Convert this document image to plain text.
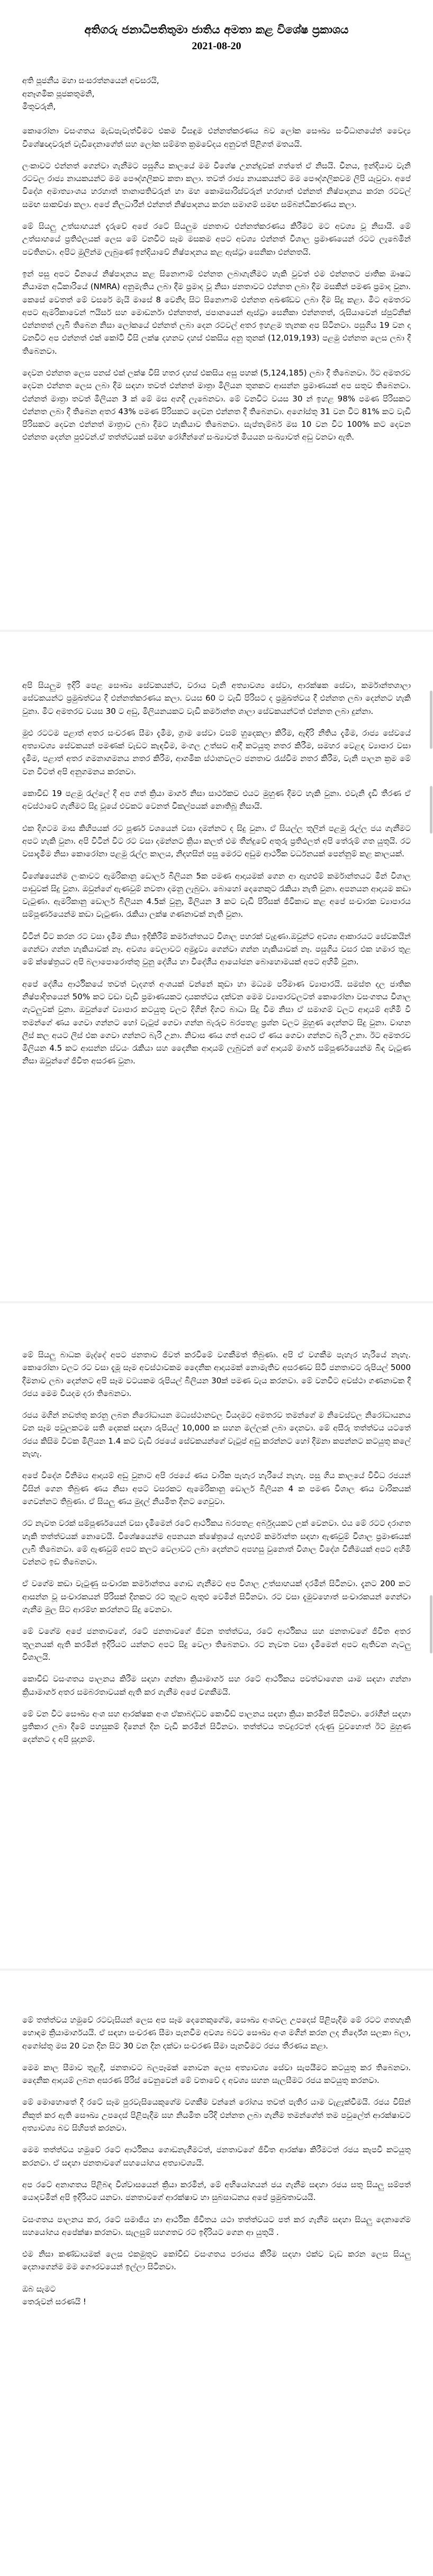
අතිගරු ජනාධිපතිතුමා ජාතිය අමතා කළ විශේෂ ප්‍රකාශය
2021-08-20

අති පූජනීය මහා සංසරත්නයෙන් අවසරයි,

අනෑගමික පූජකතුමනි,

මිතුවරුනි,

කොරෝනා වසංගතය මැඩපැවැත්වීමට එකම විසඳුම එන්නත්කරණය බව ලෝක සෞඛ්‍ය සංවිධානයේත් වෛද්‍ය විශේෂඥවරුන් වැඩිදෙනාගේත් සහ ලෝක සම්මත ක්‍රමවේදය අනුවත් පිළිගත් මතයයි.

ලංකාවට එන්නත් ගෙන්වා ගැනීමට පසුගිය කාලයේ මම විශේෂ උනන්දුවක් ගත්තේ ඒ නිසයි. චීනය, ඉන්දියාව වැනි රටවල රාජ්‍ය නායකයන්ට මම පෞද්ගලිකව කතා කලා. තවත් රාජ්‍ය නායකයන්ට මම පෞද්ගලිකවම ලිපි යැවුවා. අපේ විදේශ අමාත්‍යාංශය හරහාත් තානාපතිවරුන් හා මහ කොමසාරිස්වරුන් හරහාත් එන්නත් නිෂ්පාදනය කරන රටවල් සමඟ සාකච්ඡා කලා. අපේ නිලධාරීන් එන්නත් නිෂ්පාදනය කරන සමාගම් සමඟ සම්බන්ධීකරණය කලා.

මේ සියලු උත්සාහයන් දැරුවේ අපේ රටේ සියලුම ජනතාව එන්නත්කරණය කිරීමට මට අවශ්‍ය වූ නිසායි. මේ උත්සාහයේ ප්‍රතිඵලයක් ලෙස මේ වනවිට සෑම මසකම අපට අවශ්‍ය එන්නත් විශාල ප්‍රමාණයෙන් රටට ලැබෙමින් පවතිනවා. අපිට මුලින්ම ලැබුණේ ඉන්දියාවේ නිෂ්පාදනය කළ ඇස්ට්‍රා සෙනිකා එන්නතයි.

ඉන් පසු අපට චීනයේ නිෂ්පාදනය කළ සිනොෆාම් එන්නත ලබාගැනීමට හැකි වුවත් එම එන්නතට ජාතික ඖෂධ නියාමන අධිකාරියේ (NMRA) අනුමැතිය ලබා දීම ප්‍රමාද වූ නිසා ජනතාවට එන්නත ලබා දීම මසකින් පමණ ප්‍රමාද වුනා. කෙසේ වෙතත් මේ වසරේ මැයි මාසේ 8 වෙනිදා සිට සිනොෆාම් එන්නත අඛණ්ඩව ලබා දීම සිදු කළා. මීට අමතරව අපට ඇමරිකාවෙන් ෆයිසර් සහ මොඩර්නා එන්නතත්, ජපානයෙන් ඇස්ට්‍රා සෙනිකා එන්නතත්, රුසියාවෙන් ස්පුට්නික් එන්නතත් ලැබී තිබෙන නිසා ලෝකයේ එන්නත් ලබා දෙන රටවල් අතර ඉහළම තැනක අප සිටිනවා. පසුගිය 19 වන දා වනවිට අප එන්නත් එක් කෝටි විසි ලක්ෂ දහනව දහස් එකසිය අනු තුනක් (12,019,193) පළමු එන්නත ලෙස ලබා දී තිබෙනවා.

දෙවන එන්නත ලෙස පනස් එක් ලක්ෂ විසි හතර දහස් එකසිය අසු පහක් (5,124,185) ලබා දී තිබෙනවා. ඊට අමතරව දෙවන එන්නත ලෙස ලබා දීම සඳහා තවත් එන්නත් මාත්‍රා මිලියන තුනකට ආසන්න ප්‍රමාණයක් අප සතුව තිබෙනවා. එන්නත් මාත්‍රා තවත් මිලියන 3 ක් මේ මස අගදී ලැබෙනවා. මේ වනවිට වයස 30 න් ඉහළ 98% පමණ පිරිසකට එන්නත ලබා දී තිබෙන අතර 43% පමණ පිරිසකට දෙවන එන්නත දී තිබෙනවා. අගෝස්තු 31 වන විට 81% කට වැඩි පිරිසකට දෙවන එන්නත් මාත්‍රාව ලබා දීමට හැකියාව තිබෙනවා. සැප්තැම්බර් මස 10 වන විට 100% කට දෙවන එන්නත දෙන්න පුළුවන්.ඒ තත්ත්වයක් සමඟ රෝගීන්ගේ සංඛ්‍යාවත් මියයන සංඛ්‍යාවත් අඩු වනවා ඇති.

අපි සියලුම ඉදිරි පෙළ සෞඛ්‍ය සේවකයන්ට, වරාය වැනි අත්‍යාවශ්‍ය සේවා, ආරක්ෂක සේවා, කර්මාන්තශාලා සේවකයන්ට ප්‍රමුඛත්වය දී එන්නත්කරණය කලා. වයස 60 ට වැඩි පිරිසට ද ප්‍රමුඛත්වය දී එන්නත ලබා දෙන්නට හැකි වුනා. මීට අමතරව වයස 30 ට අඩු, මිලියනයකට වැඩි කර්මාන්ත ශාලා සේවකයන්ටත් එන්නත ලබා දුන්නා.

මුළු රටටම පළාත් අතර සංචරණ සීමා දැමීම, ග්‍රාම සේවා වසම් හුදෙකලා කිරීම, ඇඳිරි නීතිය දැමීම, රාජ්‍ය සේවයේ අත්‍යාවශ්‍ය සේවකයන් පමණක් වැඩට කැඳවීම, මංගල උත්සව ආදී කටයුතු නතර කිරීම, සමහර වෙළඳ ව්‍යාපාර වසා දැමීම, පළාත් අතර ගමනාගමනය නතර කිරීම, ආගමික ස්ථානවලට ජනතාව රැස්වීම නතර කිරීම, වැනි පාලන ක්‍රම මේ වන විටත් අපි අනුගමනය කරනවා.

කොවිඩ් 19 පළමු රැල්ලේ දී අප ගත් ක්‍රියා මාර්ග නිසා සාර්ථකව එයට මුහුණ දීමට හැකි වුනා. එවැනි දැඩි තීරණ ඒ අවස්ථාවේ ගැනීමට සිදු වූයේ එවකට වෙනත් විකල්පයක් නොතිබූ නිසායි.

එක දිගටම මාස කිහිපයක් රට පූර්ණ වශයෙන් වසා දමන්නට ද සිදු වුනා. ඒ සියල්ල තුලින් පළමු රැල්ල ජය ගැනීමට අපට හැකි වුනා. අපි විටින් විට රට වසා දමන්නට ක්‍රියා කලත් එම තීන්දුවේ අතුරු ප්‍රතිඵලත් අපි තේරුම් ගත යුතුයි. රට වසාදැමීම නිසා කොරෝනා පළමු රැල්ල කාලය, නිදහසින් පසු මෙරට අඩුම ආර්ථික වර්ධනයක් පෙන්නුම් කළ කාලයක්.

විශේෂයෙන්ම ලංකාවට ඇමරිකානු ඩොලර් බිලියන 5ක පමණ ආදායමක් ගෙන ආ ඇහළුම් කර්මාන්තයට මීන් විශාල පාඩුවක් සිදු වුනා. ඔවුන්ගේ ඇණවුම් නවතා දමනු ලැබුවා. බොහෝ දෙනෙකුට රැකියා නැති වුනා. අපනයන ආදායම කඩා වැටුණා. ඇමරිකානු ඩොලර් බිලියන 4.5ක් වුනු, මිලියන 3 කට වැඩි පිරිසක් ජීවිකාව කළ අපේ සංචාරක ව්‍යාපාරය සම්පූර්ණයෙන්ම කඩා වැටුණා. රැකියා ලක්ෂ ගණනාවක් නැති වුනා.

විටින් විට කරන රට වසා දැමීම නිසා ඉදිකිරීම් කර්මාන්තයට විශාල පහරක් වැදුණා.ඔවුන්ට අවශ්‍ය ආකාරයට සේවකයින් ගෙන්වා ගන්න හැකියාවක් නෑ. අවශ්‍ය වෙලාවට අමුද්‍රව්‍ය ගෙන්වා ගන්න හැකියාවක් නෑ. පසුගිය වසර එක හමාර තුළ මේ ක්ෂේත්‍රයට අපි බලාපොරොත්තු වුනු දේශීය හා විදේශීය ආයෝජන බොහොමයක් අපට අහිමි වුනා.

අපේ දේශීය ආර්ථිකයේ තවත් වැදගත් අංශයක් වන්නේ කුඩා හා මධ්‍යම පරිමාණ ව්‍යාපාරයි. සමස්ත දල ජාතික නිෂ්පාදිතයෙන් 50% කට වඩා වැඩි ප්‍රමාණයකට දායකත්වය දක්වන මෙම ව්‍යාපාරවලටත් කොරෝනා වසංගතය විශාල ගැටලුවක් වුනා. ඔවුන්ගේ ව්‍යාපාර කටයුතු වලට දිගින් දිගට බාධා සිදු වීම නිසා ඒ සමාගම් වලට ආදායම් අහිමි වී තමන්ගේ ණය ගෙවා ගන්නට හෝ වැටුප් ගෙවා ගන්න බැරුව බරපතළ ප්‍රශ්න වලට මුහුණ දෙන්නට සිදු වුනා. වාහන ලීස් කල අයට ලීස් එක ගෙවා ගන්නට බැරි උනා. නිවාස ණය ගත් අයට ඒ ණය ගෙවා ගන්නට බැරි උනා. ඊට අමතරව මිලියන 4.5 කට ආසන්න ස්වයං රැකියා සහ දෛනික ආදායම් ලැබුවන් ගේ ආදායම් මාර්ග සම්පූර්ණයෙන්ම බිඳ වැටුණ නිසා ඔවුන්ගේ ජීවිත අසරණ වුනා.

මේ සියලු බාධක මැද්දේ අපට ජනතාව ජීවත් කරවීමේ වගකීමත් තිබුණා. අපි ඒ වගකීම පැහැර හැරීයේ නැහැ. කොරෝනා වලට රට වසා දැමූ සෑම අවස්ථාවකම දෛනික ආදායමක් නොමැතිව අසරණව සිටි ජනතාවට රුපියල් 5000 දීමනාව ලබා දෙන්නට අපි සෑම වටයකම රුපියල් බිලියන 30ක් පමණ වැය කරනවා. මේ වනවිට අවස්ථා ගණනාවක දී රජය මෙම වියදම දරා තිබෙනවා.

රජය මගින් නඩත්තු කරනු ලබන නිරෝධායන මධ්‍යස්ථානවල වියදමට අමතරව තමන්ගේ ම නිවෙස්වල නිරෝධායනය වන සෑම පවුලකටම සති දෙකක් සඳහා රුපියල් 10,000 ක සහන මල්ලක් ලබා දෙනවා. මේ අසීරු තත්ත්වය යටතේ රජය කිසිම විටක මිලියන 1.4 කට වැඩි රජයේ සේවකයන්ගේ වැටුප් අඩු කරන්නට හෝ දීමනා කපන්නට කටයුතු කලේ නැහැ.

අපේ විදේශ විනිමය ආදායම් අඩු වුනාට අපි රජයේ ණය වාරික පැහැර හැරීයේ නැහැ. පසු ගිය කාලයේ විවිධ රජයන් විසින් ගෙන තිබුණ ණය නිසා අපට වසරකට ඇමෙරිකානු ඩොලර් බිලියන 4 ක පමණ විශාල ණය වාරිකයක් ගෙවන්නට තිබුණා. ඒ සියලු ණය මුදල් නියමිත දිනට ගෙවුවා.

රට නැවත වරක් සම්පූර්ණයෙන් වසා දැමීමෙන් රටේ ආර්ථිකය බරපතළ අර්බුදයකට ලක් වෙනවා. එය මේ රටට දරාගත හැකි තත්ත්වයක් නොවෙයි. විශේෂයෙන්ම අපනයන ක්ෂේත්‍රයේ ඇහළුම් කර්මාන්ත සඳහා ඇණවුම් විශාල ප්‍රමාණයක් ලැබී තිබෙනවා. මේ ඇණවුම් අපට කලට වෙලාවට ලබා දෙන්නට අපහසු වුනොත් විශාල විදේශ විනිමයක් අපට අහිමි වන්නට ඉඩ තිබෙනවා.

ඒ වගේම කඩා වැටුණු සංචාරක කර්මාන්තය ගොඩ ගැනීමට අප විශාල උත්සාහයක් දරමින් සිටිනවා. දැනට 200 කට ආසන්න වූ සංචාරකයන් පිරිසක් දිනකට රට තුළට ඇතුළු වෙමින් සිටිනවා. රට වසා දැමුවහොත් සංචාරකයන් ගෙන්වා ගැනීම මුල සිට ආරම්භ කරන්නට සිදු වෙනවා.

මේ වගේම අපේ ජනතාවගේ, රටේ ජනතාවගේ ජීවන තත්ත්වය, රටේ ආර්ථිකය සහ ජනතාවගේ ජීවිත අතර තුලනයක් ඇති කරමින් ඉදිරියට යන්නට අපට සිදු වෙලා තිබෙනවා. රට නැවත වසා දැමීමෙන් අපට ඇතිවන ගැටලු විශාලයි.

කොවිඩ් වසංගතය පාලනය කිරීම සඳහා ගන්නා ක්‍රියාමාර්ග සහ රටේ ආර්ථිකය පවත්වාගෙන යාම සඳහා ගන්නා ක්‍රියාමාර්ග අතර සමබරතාවයක් ඇති කර ගැනීම අපේ වගකීමයි.

මේ වන විට සෞඛ්‍ය අංශ සහ ආරක්ෂක අංශ ඒකාබද්ධව කොවිඩ් පාලනය සඳහා ක්‍රියා කරමින් සිටිනවා. රෝගීන් සඳහා ප්‍රතිකාර ලබා දීමේ පහසුකම් දිනෙන් දින වැඩි කරමින් සිටිනවා. තත්ත්වය තවදුරටත් දරුණු වුවහොත් ඊට මුහුණ දෙන්නට ද අපි සූදානම්.

මේ තත්ත්වය හමුවේ රටවැසියන් ලෙස අප සෑම දෙනෙකුගේම, සෞඛ්‍ය අංශවල උපදෙස් පිළිපැදීම මේ රටට ගතහැකි හොඳම ක්‍රියාමාර්ගයයි. ඒ සඳහා සංචරණ සීමා පැනවීම අවශ්‍ය බවට සෞඛ්‍ය අංශ මගින් කරන ලද නිර්දේශ සලකා බලා, අගෝස්තු මස 20 වන දින සිට 30 වන දින දක්වා සංචරණ සීමා පැනවීමට රජය තීරණය කළා.

මෙම කාල සීමාව තුළදී, ජනතාවට බලපෑමක් නොවන ලෙස අත්‍යාවශ්‍ය සේවා සැපයීමට කටයුතු කර තිබෙනවා. දෛනික ආදායම් ලබන අසරණ පිරිස් වෙනුවෙන් මේ වතාවේ ද අවශ්‍ය සහන සැලසීමට රජය කටයුතු කරනවා.

මේ මොහොතේ දී රටේ සෑම පුරවැසියෙකුගේම වගකීම වන්නේ රෝගය තවත් පැතිර යාම වැළැක්වීමයි. රජය විසින් නිකුත් කර ඇති සෞඛ්‍ය උපදෙස් පිළිපැදීම සහ නියමිත පරිදි එන්නත ලබා ගැනීම තමන්ගේත් තම පවුලේත් ආරක්ෂාවට අත්‍යාවශ්‍ය බව සිහිපත් කරනවා.

මෙම තත්ත්වය හමුවේ රටේ ආර්ථිකය ගොඩනැගීමටත්, ජනතාවගේ ජීවිත ආරක්ෂා කිරීමටත් රජය කැපවී කටයුතු කරනවා. ඒ සඳහා ජනතාවගේ සහයෝගය අත්‍යාවශ්‍යයි.

අප රටේ අනාගතය පිළිබඳ විශ්වාසයෙන් ක්‍රියා කරමින්, මේ අභියෝගයන් ජය ගැනීම සඳහා රජය සතු සියලු සම්පත් යොදවමින් අපි ඉදිරියට යනවා. ජනතාවගේ ආරක්ෂාව හා සුබසාධනය අපේ ප්‍රමුඛතාවයයි.

වසංගතය පාලනය කර, රටේ සමාජීය හා ආර්ථික ජීවිතය යථා තත්ත්වයට පත් කර ගැනීම සඳහා සියලු දෙනාගේම සහයෝගය අපේක්ෂා කරනවා. සැලසුම් සහගතව රට ඉදිරියට ගෙන ආ යුතුයි .

එම නිසා කණ්ඩායමක් ලෙස එකමුතුව කෝවිඩ් වසංගතය පරාජය කිරීම සඳහා එක්ව වැඩ කරන ලෙස සියලු දෙනාගෙන්ම මම ගෞරවයෙන් ඉල්ලා සිටිනවා.

ඔබ සැමට

තෙරුවන් සරණයි !
